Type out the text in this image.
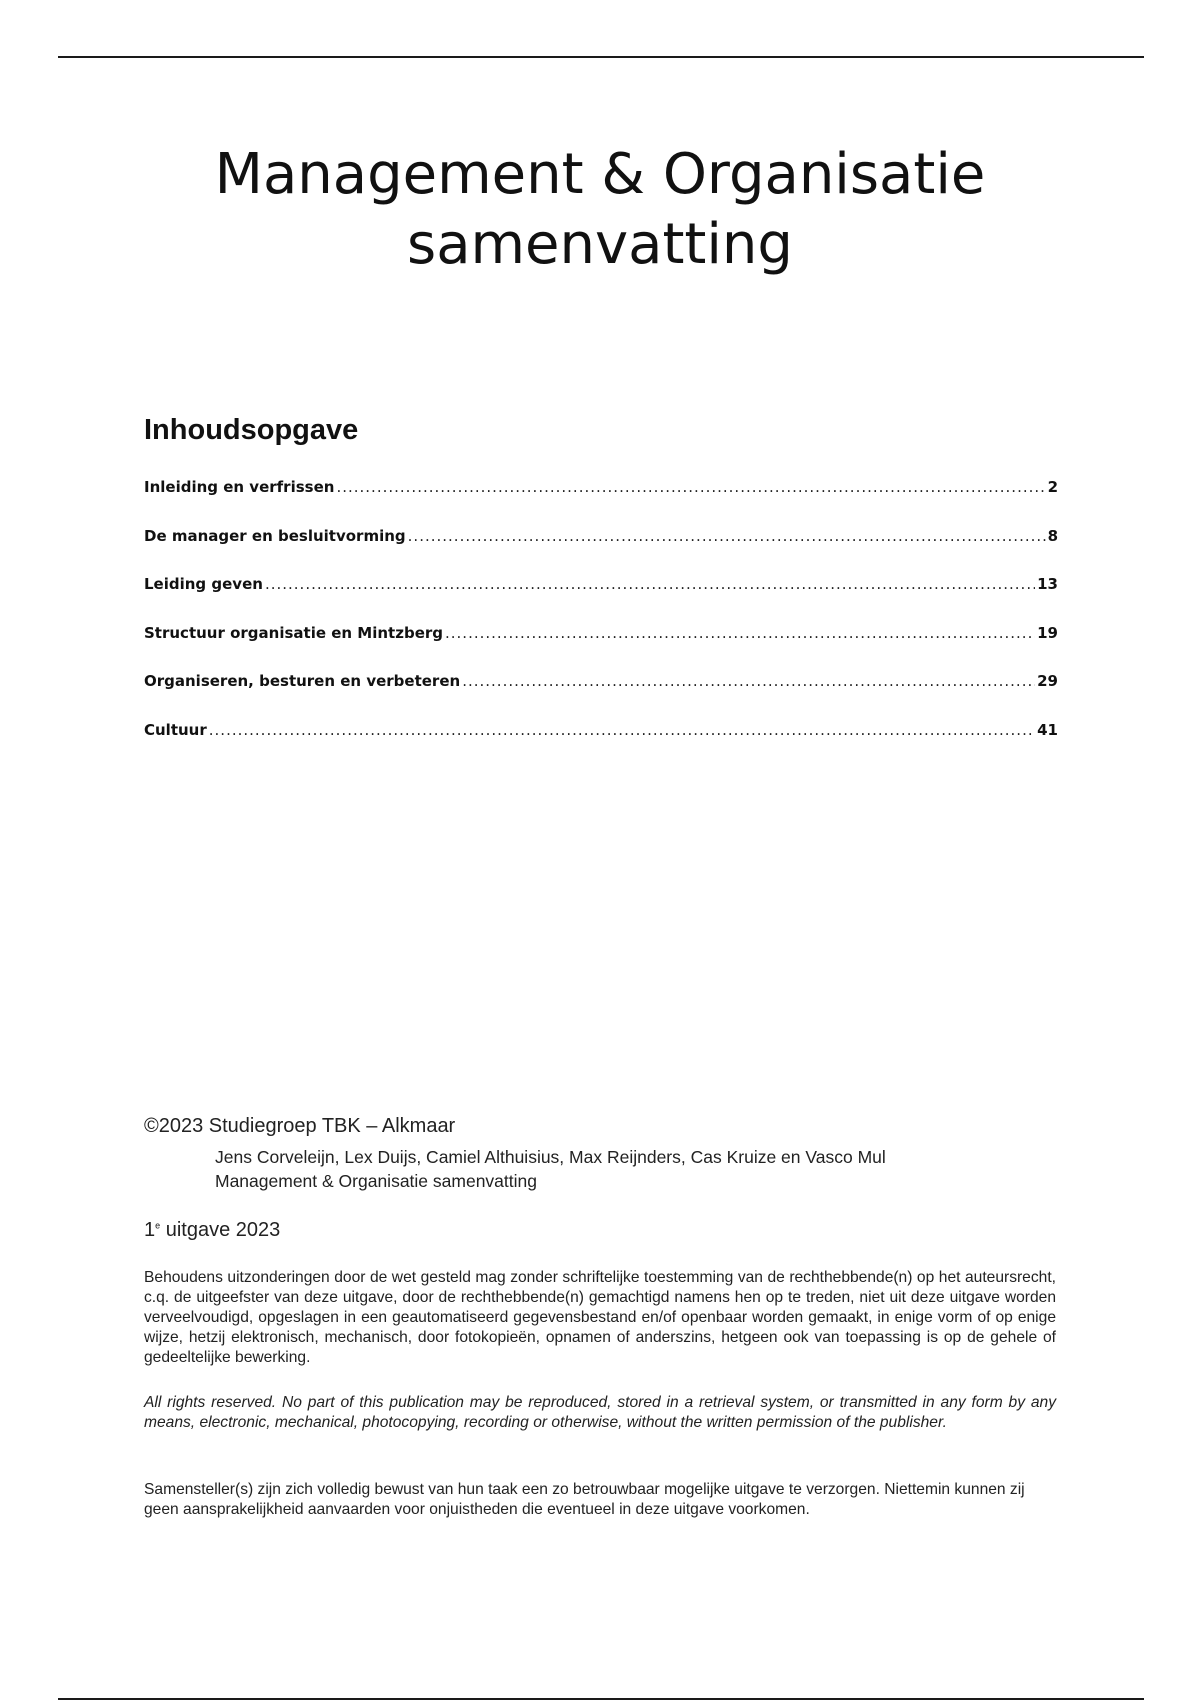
Management & Organisatie
samenvatting
Inhoudsopgave
Inleiding en verfrissen .....	2
De manager en besluitvorming .....	8
Leiding geven .....	13
Structuur organisatie en Mintzberg .....	19
Organiseren, besturen en verbeteren .....	29
Cultuur .....	41
©2023 Studiegroep TBK – Alkmaar
Jens Corveleijn, Lex Duijs, Camiel Althuisius, Max Reijnders, Cas Kruize en Vasco Mul
Management & Organisatie samenvatting
1e uitgave 2023
Behoudens uitzonderingen door de wet gesteld mag zonder schriftelijke toestemming van de rechthebbende(n) op het auteursrecht, c.q. de uitgeefster van deze uitgave, door de rechthebbende(n) gemachtigd namens hen op te treden, niet uit deze uitgave worden verveelvoudigd, opgeslagen in een geautomatiseerd gegevensbestand en/of openbaar worden gemaakt, in enige vorm of op enige wijze, hetzij elektronisch, mechanisch, door fotokopieën, opnamen of anderszins, hetgeen ook van toepassing is op de gehele of gedeeltelijke bewerking.
All rights reserved. No part of this publication may be reproduced, stored in a retrieval system, or transmitted in any form by any means, electronic, mechanical, photocopying, recording or otherwise, without the written permission of the publisher.
Samensteller(s) zijn zich volledig bewust van hun taak een zo betrouwbaar mogelijke uitgave te verzorgen. Niettemin kunnen zij geen aansprakelijkheid aanvaarden voor onjuistheden die eventueel in deze uitgave voorkomen.
